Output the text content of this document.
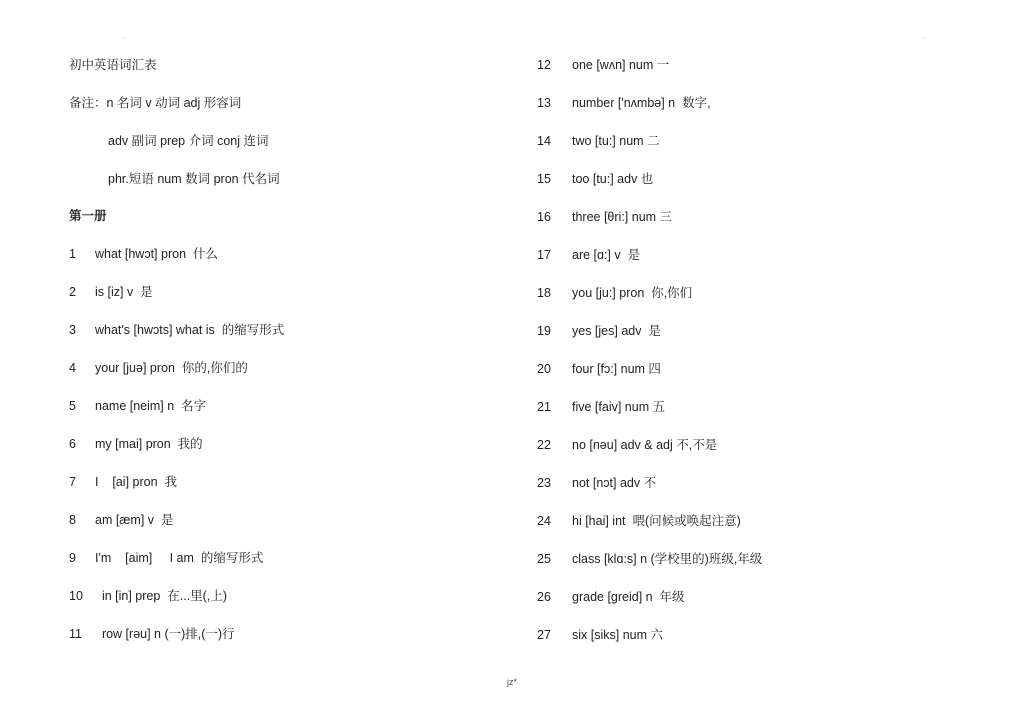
·	·
初中英语词汇表
备注：n 名词 v 动词 adj 形容词
adv 副词 prep 介词 conj 连词
phr.短语 num 数词 pron 代名词
第一册
1 what [hwɔt] pron  什么
2 is [iz] v  是
3 what's [hwɔts] what is  的缩写形式
4 your [juə] pron  你的,你们的
5 name [neim] n  名字
6 my [mai] pron  我的
7 I    [ai] pron  我
8 am [æm] v  是
9 I'm    [aim]     I am  的缩写形式
10  in [in] prep  在...里(,上)
11  row [rəu] n (一)排,(一)行
12 one [wʌn] num 一
13 number ['nʌmbə] n  数字,
14 two [tu:] num 二
15 too [tu:] adv 也
16 three [θri:] num 三
17 are [ɑ:] v  是
18 you [ju:] pron  你,你们
19 yes [jes] adv  是
20 four [fɔ:] num 四
21 five [faiv] num 五
22 no [nəu] adv & adj 不,不是
23 not [nɔt] adv 不
24 hi [hai] int  喂(问候或唤起注意)
25 class [klɑ:s] n (学校里的)班级,年级
26 grade [greid] n  年级
27 six [siks] num 六
jz*
